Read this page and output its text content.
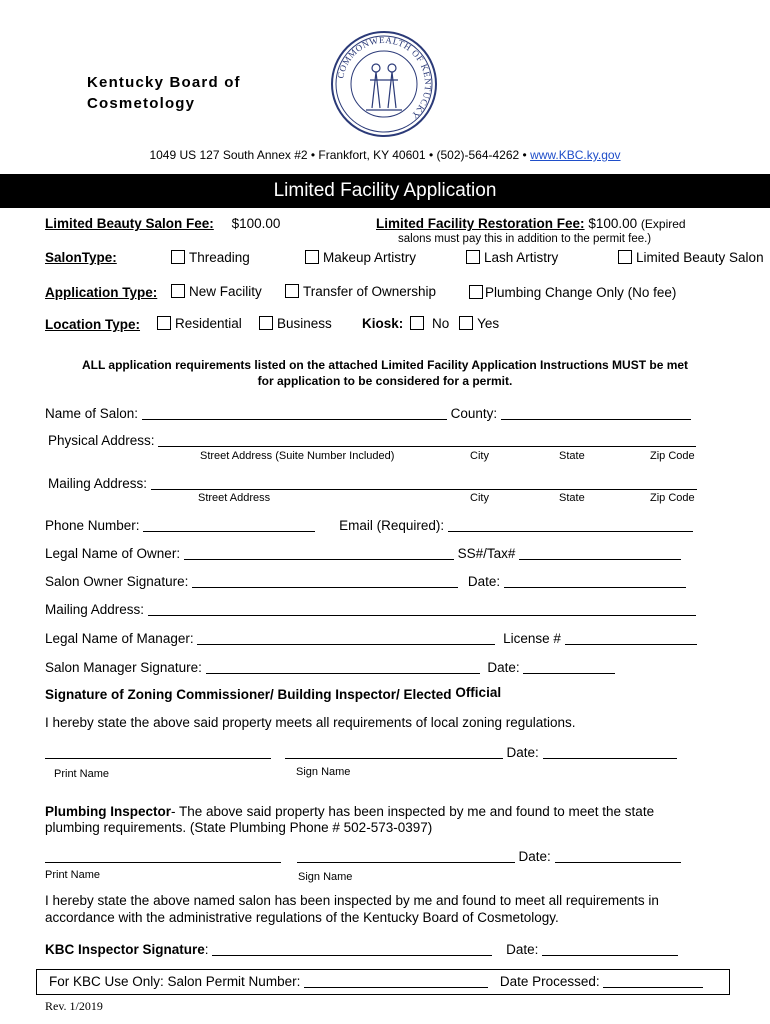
Kentucky Board of
Cosmetology
COMMONWEALTH OF KENTUCKY
1049 US 127 South Annex #2 • Frankfort, KY 40601 • (502)-564-4262 • www.KBC.ky.gov
Limited Facility Application
Limited Beauty Salon Fee: $100.00	Limited Facility Restoration Fee: $100.00 (Expired
salons must pay this in addition to the permit fee.)
SalonType:	Threading	Makeup Artistry	Lash Artistry	Limited Beauty Salon
Application Type:	New Facility	Transfer of Ownership	Plumbing Change Only (No fee)
Location Type:	Residential	Business Kiosk: No Yes
ALL application requirements listed on the attached Limited Facility Application Instructions MUST be met for application to be considered for a permit.
Name of Salon:	County:
Physical Address:
Street Address (Suite Number Included)	City	State	Zip Code
Mailing Address:
Street Address	City	State	Zip Code
Phone Number:	Email (Required):
Legal Name of Owner:	SS#/Tax#
Salon Owner Signature:	Date:
Mailing Address:
Legal Name of Manager:	License #
Salon Manager Signature:	Date:
Signature of Zoning Commissioner/ Building Inspector/ Elected Official
I hereby state the above said property meets all requirements of local zoning regulations.
Date:
Print Name	Sign Name
Plumbing Inspector- The above said property has been inspected by me and found to meet the state
plumbing requirements. (State Plumbing Phone # 502-573-0397)
Date:
Print Name	Sign Name
I hereby state the above named salon has been inspected by me and found to meet all requirements in
accordance with the administrative regulations of the Kentucky Board of Cosmetology.
KBC Inspector Signature:	Date:
For KBC Use Only: Salon Permit Number:	Date Processed:
Rev. 1/2019
